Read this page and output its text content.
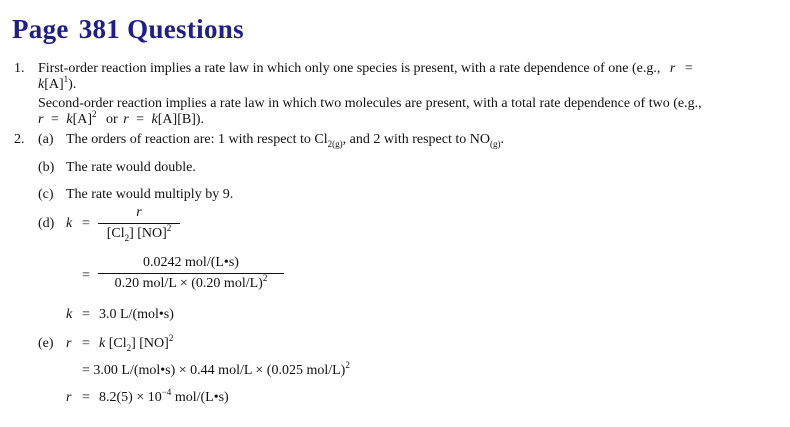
Page 381 Questions
1. First-order reaction implies a rate law in which only one species is present, with a rate dependence of one (e.g., r =
$k[A]^1$).
Second-order reaction implies a rate law in which two molecules are present, with a total rate dependence of two (e.g.,
$r = k[A]^2$ or r = k[A][B]).
2. (a) The orders of reaction are: 1 with respect to $Cl_{2(g)}$, and 2 with respect to $NO_{(g)}$.
(b) The rate would double.
(c) The rate would multiply by 9.
(d) k =
r
$[Cl_2]$ [NO]$^2$
=
0.0242 mol/(L•s)
0.20 mol/L × (0.20 mol/L)$^2$
k = 3.0 L/(mol•s)
(e) r = k $[Cl_2]$ [NO]$^2$
= 3.00 L/(mol•s) × 0.44 mol/L × (0.025 mol/L)$^2$
$r = 8.2(5) \times 10^{-4}$ mol/(L•s)
